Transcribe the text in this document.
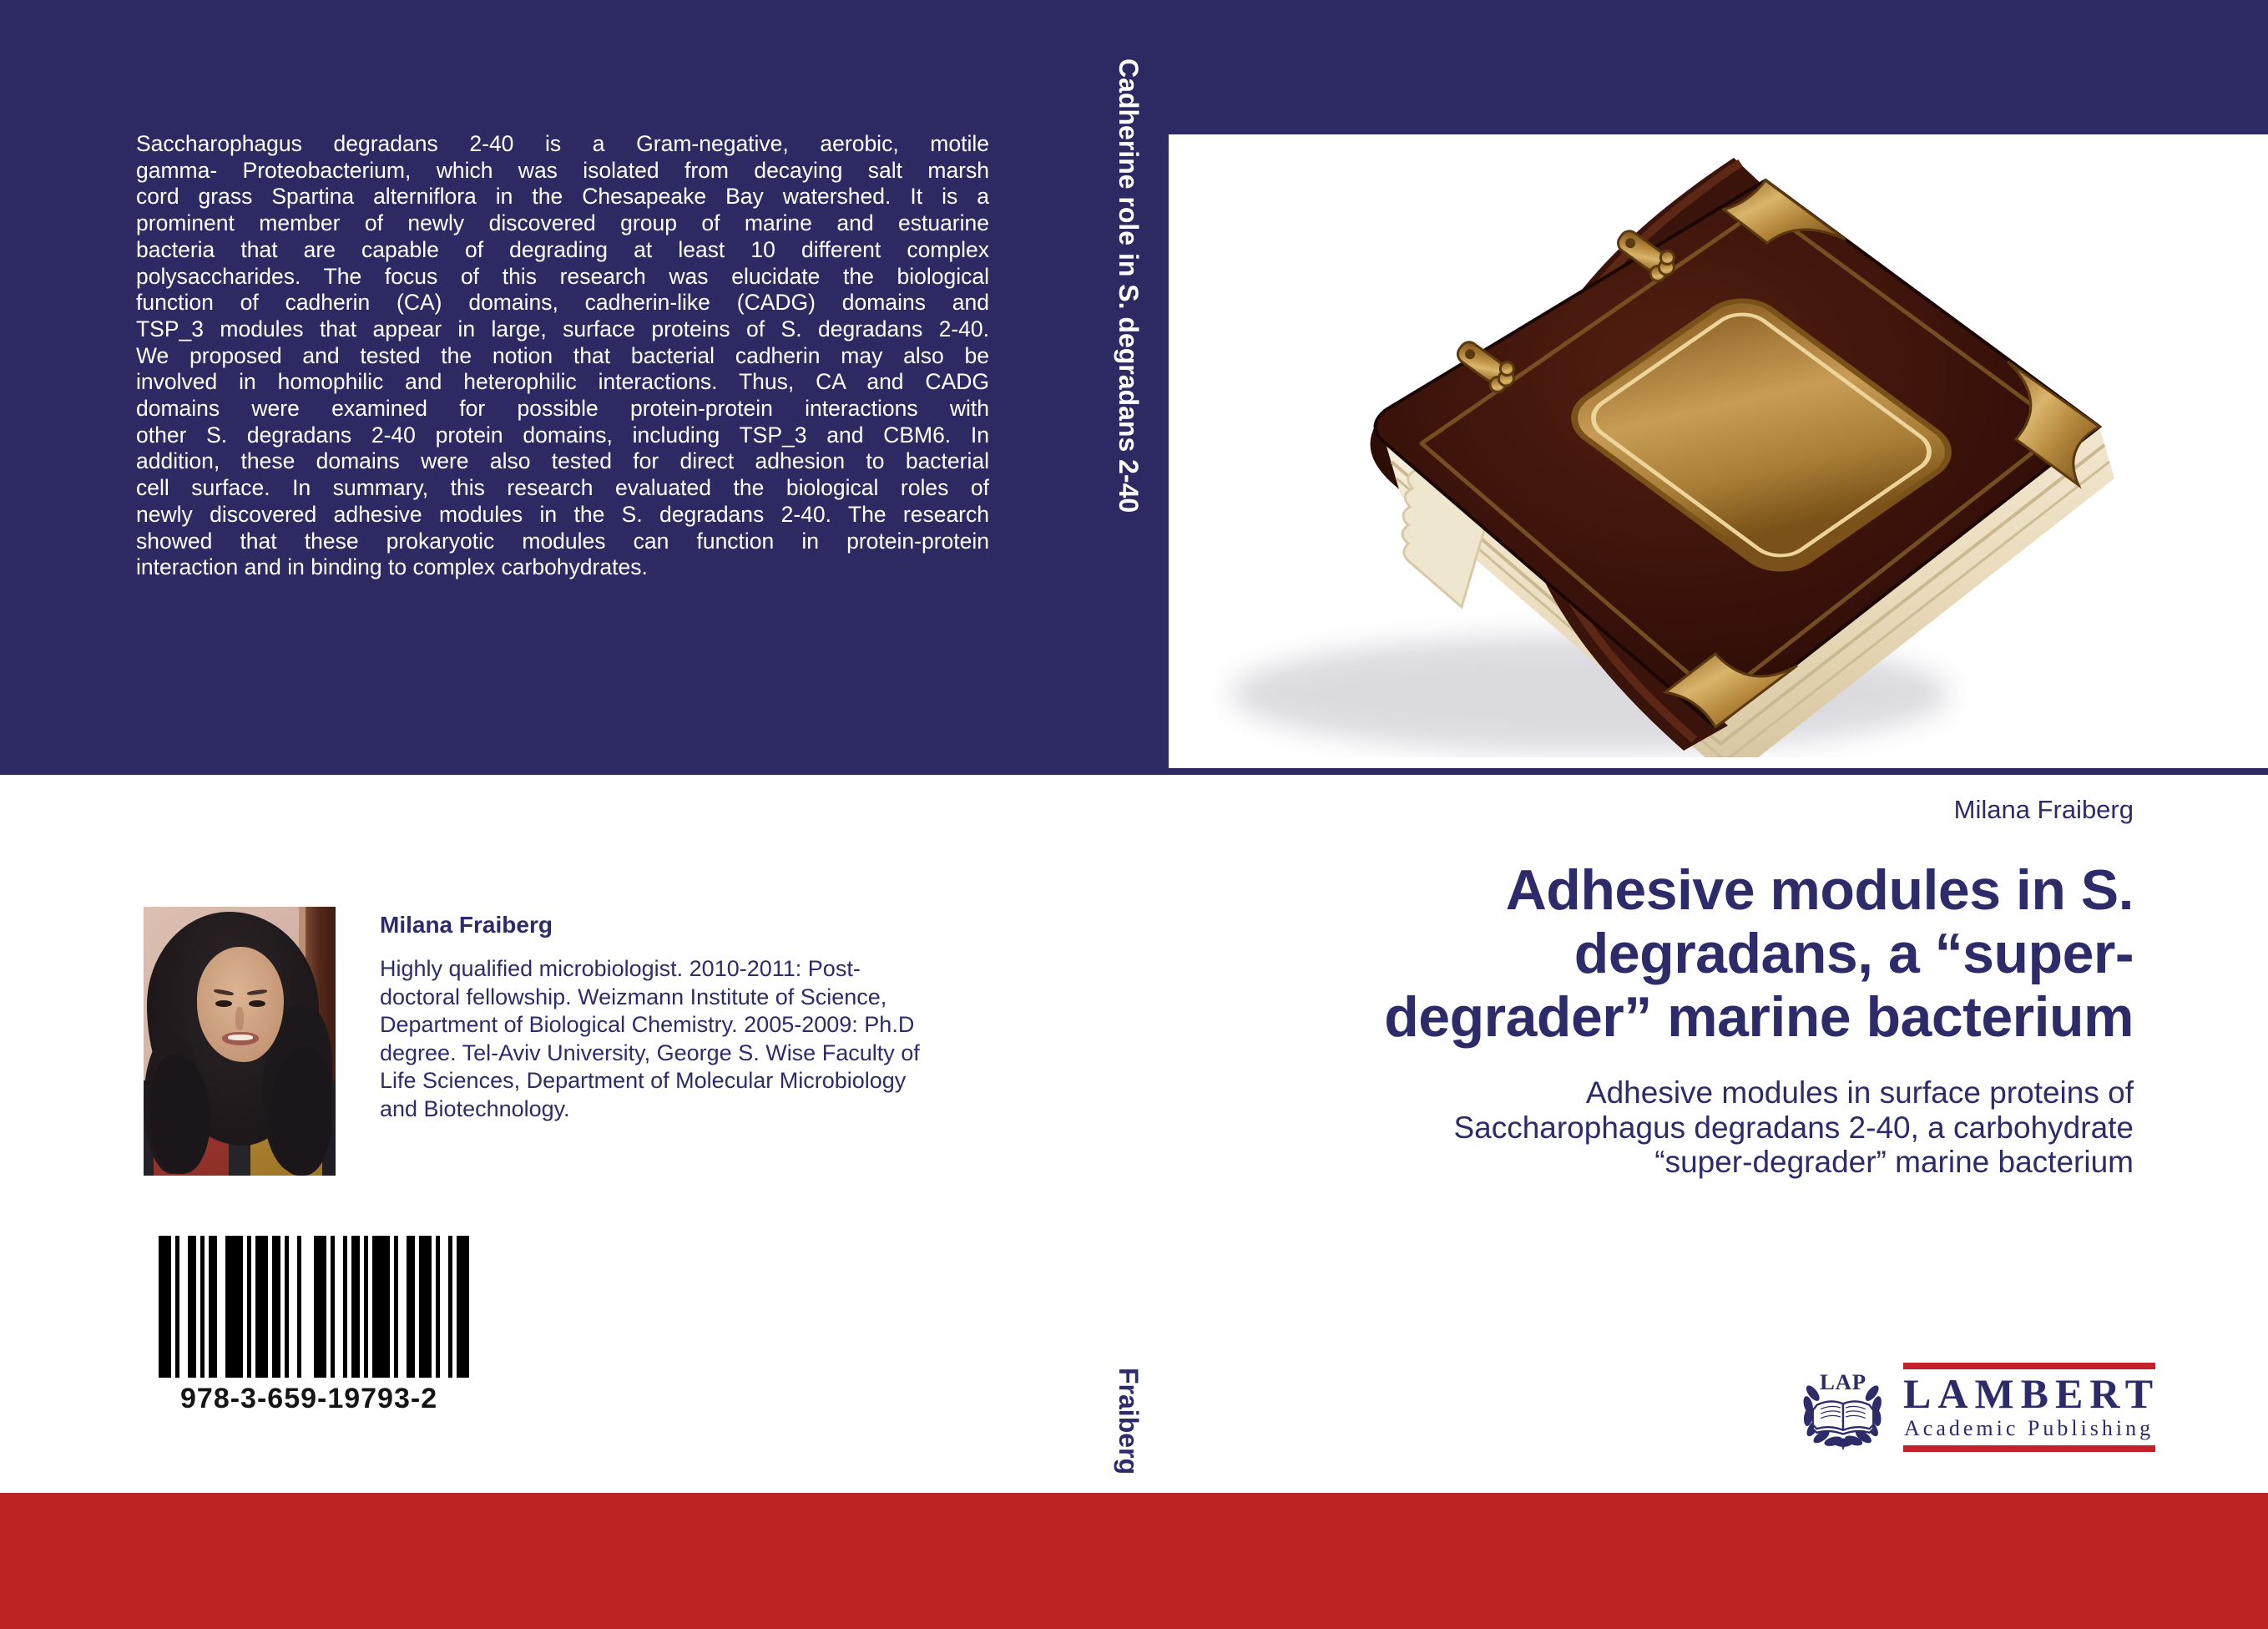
Saccharophagus degradans 2-40 is a Gram-negative, aerobic, motile
gamma- Proteobacterium, which was isolated from decaying salt marsh
cord grass Spartina alterniflora in the Chesapeake Bay watershed. It is a
prominent member of newly discovered group of marine and estuarine
bacteria that are capable of degrading at least 10 different complex
polysaccharides. The focus of this research was elucidate the biological
function of cadherin (CA) domains, cadherin-like (CADG) domains and
TSP_3 modules that appear in large, surface proteins of S. degradans 2-40.
We proposed and tested the notion that bacterial cadherin may also be
involved in homophilic and heterophilic interactions. Thus, CA and CADG
domains were examined for possible protein-protein interactions with
other S. degradans 2-40 protein domains, including TSP_3 and CBM6. In
addition, these domains were also tested for direct adhesion to bacterial
cell surface. In summary, this research evaluated the biological roles of
newly discovered adhesive modules in the S. degradans 2-40. The research
showed that these prokaryotic modules can function in protein-protein
interaction and in binding to complex carbohydrates.
Cadherine role in S. degradans 2-40
Milana Fraiberg
Adhesive modules in S.
degradans, a “super-
degrader” marine bacterium
Adhesive modules in surface proteins of
Saccharophagus degradans 2-40, a carbohydrate
“super-degrader” marine bacterium
Milana Fraiberg
Highly qualified microbiologist. 2010-2011: Post-
doctoral fellowship. Weizmann Institute of Science,
Department of Biological Chemistry. 2005-2009: Ph.D
degree. Tel-Aviv University, George S. Wise Faculty of
Life Sciences, Department of Molecular Microbiology
and Biotechnology.
978-3-659-19793-2	Fraiberg	LAP LAMBERT
Academic Publishing
